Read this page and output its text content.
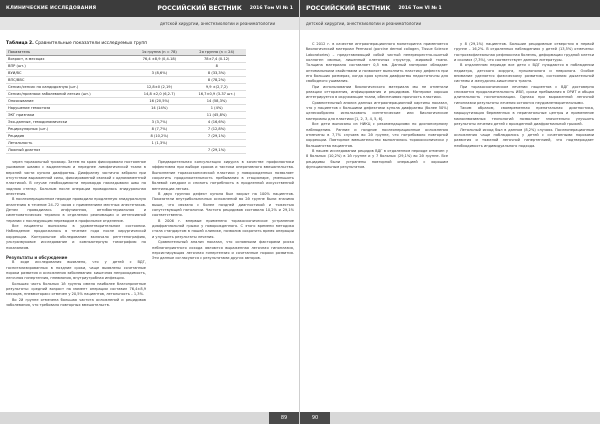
КЛИНИЧЕСКИЕ ИССЛЕДОВАНИЯ	РОССИЙСКИЙ ВЕСТНИК	2016 Том VI № 1
детской хирургии, анестезиологии и реаниматологии
Таблица 2. Сравнительные показатели исследуемых групп
Показатель	1я группа (n = 78)	2я группа (n = 24)
Возраст, в месяцах	76,4 ±8,9 (0,4-18)	78±7,4 (0-12)
ВПР (шт.)		8
ВУИ/ВС	3 (8,6%)	8 (33,3%)
ВПС/ВВС		8 (78,2%)
Сепсис/сепсис на кандидозную (шт.)	12,8±0 (2,19)	9,9 ±(2,7,2)
Сепсис/признаки заболеваний легких (шт.)	14,8 ±2,0 (6,2-7)	16,7±0,9 (3-37 шт.)
Опоясывание	16 (20,5%)	14 (58,3%)
Нарушение гемостаза	14 (14%)	1 (4%)
ЭКГ признаки		11 (45,8%)
Эхо-данные, гемодинамически	3 (3,7%)	4 (16,6%)
Рециркулярных (шт.)	8 (7,7%)	7 (12,8%)
Рецидив	8 (10,2%)	7 (29,1%)
Летальность	1 (1,3%)	
Ложный диагноз		7 (29,1%)

через торакальный троакар. Затем по краю фиксировали постоянное ушивание швами с выделенным и переднее лимфатической ткани в верхней части купола диафрагмы. Диафрагму частично забрали при отсутствии выраженной силы, фиксированной связкой с одномоментной пластикой. В случае необходимости перикарда накладывали швы на заднюю стенку. Больным после операции проводилась эпидуральная анестезия.

В послеоперационном периоде проводили продленную эпидуральную аналгезию в течение 24–72 часов с применением местных анестетиков. Детям проводилась инфузионная, антибактериальная и симптоматическая терапия в отделении реанимации и интенсивной терапии с последующим переводом в профильное отделение.

Все пациенты выписаны в удовлетворительном состоянии. Наблюдение продолжалось в течение года после хирургической коррекции. Контрольное обследование включало рентгенографию, ультразвуковое исследование и компьютерную томографию по показаниям.

Результаты и обсуждение

В ходе исследования выявлено, что у детей с ВДГ, госпитализированных в поздние сроки, чаще выявлены сочетанные пороки развития и осложнения заболевания: кишечная непроходимость, легочная гипертензия, пневмония, внутриутробная инфекция.

Большая часть больных 1й группы имела наиболее благоприятные результаты: средний возраст на момент операции составил 76,4±8,9 месяцев, пневмоторакс отмечен у 20,5% пациентов, летальность – 1,3%.

Во 2й группе отмечена большая частота осложнений и рецидивов заболевания, что требовало повторных вмешательств.

Предварительная консультация хирурга в качестве профилактики эффективна при выборе сроков и тактики оперативного вмешательства. Выполнение торакоскопической пластики у новорожденных позволяет сократить продолжительность пребывания в стационаре, уменьшить болевой синдром и снизить потребность в продленной искусственной вентиляции легких.

В двух группах дефект купола был закрыт на 100% пациентов. Показатели внутрибольничных осложнений во 2й группе были значимо выше, что связано с более поздней диагностикой и тяжестью сопутствующей патологии. Частота рецидивов составила 10,2% и 29,1% соответственно.

В 2006 г. впервые применено торакоскопическое устранение диафрагмальной грыжи у новорожденного. С этого времени методика стала стандартом в нашей клинике, позволив сократить время операции и улучшить результаты лечения.

Сравнительный анализ показал, что основными факторами риска неблагоприятного исхода являются выраженная легочная гипоплазия, персистирующая легочная гипертензия и сочетанные пороки развития. Эти данные согласуются с результатами других авторов.

89
РОССИЙСКИЙ ВЕСТНИК	2016 Том VI № 1
детской хирургии, анестезиологии и реаниматологии

С 2012 г. в качестве интраоперационного мониторинга применяется биологический материал Permacol (porcine dermal collagen, Tissue Science Laboratories) – представляющий собой чистый неперекрестно-сшитый коллаген свиньи, лишенный клеточных структур, жировой ткани. Толщина материала составляет 0,5 мм. Данный материал обладает оптимальными свойствами и позволяет выполнить пластику дефекта при его больших размерах, когда края купола диафрагмы недостаточны для свободного ушивания.

При использовании биологического материала мы не отметили реакции отторжения, инфицирования и рецидивов. Материал хорошо интегрируется в окружающие ткани, обеспечивая прочность пластики.

Сравнительный анализ данных интраоперационной картины показал, что у пациентов с большими дефектами купола диафрагмы (более 50%) целесообразно использовать синтетические или биологические материалы для пластики [1, 2, 3, 4, 5, 6].

Все дети выписаны из НИКЦ с рекомендациями по диспансерному наблюдению. Ранние и поздние послеоперационные осложнения отмечены в 7,7% случаев во 2й группе, что потребовало повторной коррекции. Повторное вмешательство выполнялось торакоскопически у большинства пациентов.

В нашем исследовании рецидив ВДГ в отдаленном периоде отмечен у 8 больных (10,2%) в 1й группе и у 7 больных (29,1%) во 2й группе. Все рецидивы были устранены повторной операцией с хорошим функциональным результатом.

у 8 (29,1%) пациентов. Большие рецидивные отверстия в первой группе – 16,2%. В отдаленных наблюдениях у детей (13,5%) отмечены: гастроэзофагеальная рефлюксная болезнь, деформации грудной клетки и сколиоз (7,3%), что соответствует данным литературы.

В отдаленном периоде все дети с ВДГ нуждаются в наблюдении педиатра, детского хирурга, пульмонолога и невролога. Особое внимание уделяется физическому развитию, состоянию дыхательной системы и желудочно-кишечного тракта.

При торакоскопическом лечении пациентов с ВДГ достоверно снижается продолжительность ИВЛ, сроки пребывания в ОРИТ и общая длительность госпитализации. Однако при выраженной легочной гипоплазии результаты лечения остаются неудовлетворительными.

Таким образом, своевременная пренатальная диагностика, маршрутизация беременных в перинатальные центры и применение малоинвазивных технологий позволяют значительно улучшить результаты лечения детей с врожденной диафрагмальной грыжей.

Летальный исход был в данном (8,2%) случаях. Послеоперационные осложнения чаще наблюдались у детей с сочетанными пороками развития и тяжелой легочной гипертензией, что подтверждает необходимость индивидуального подхода.

90
